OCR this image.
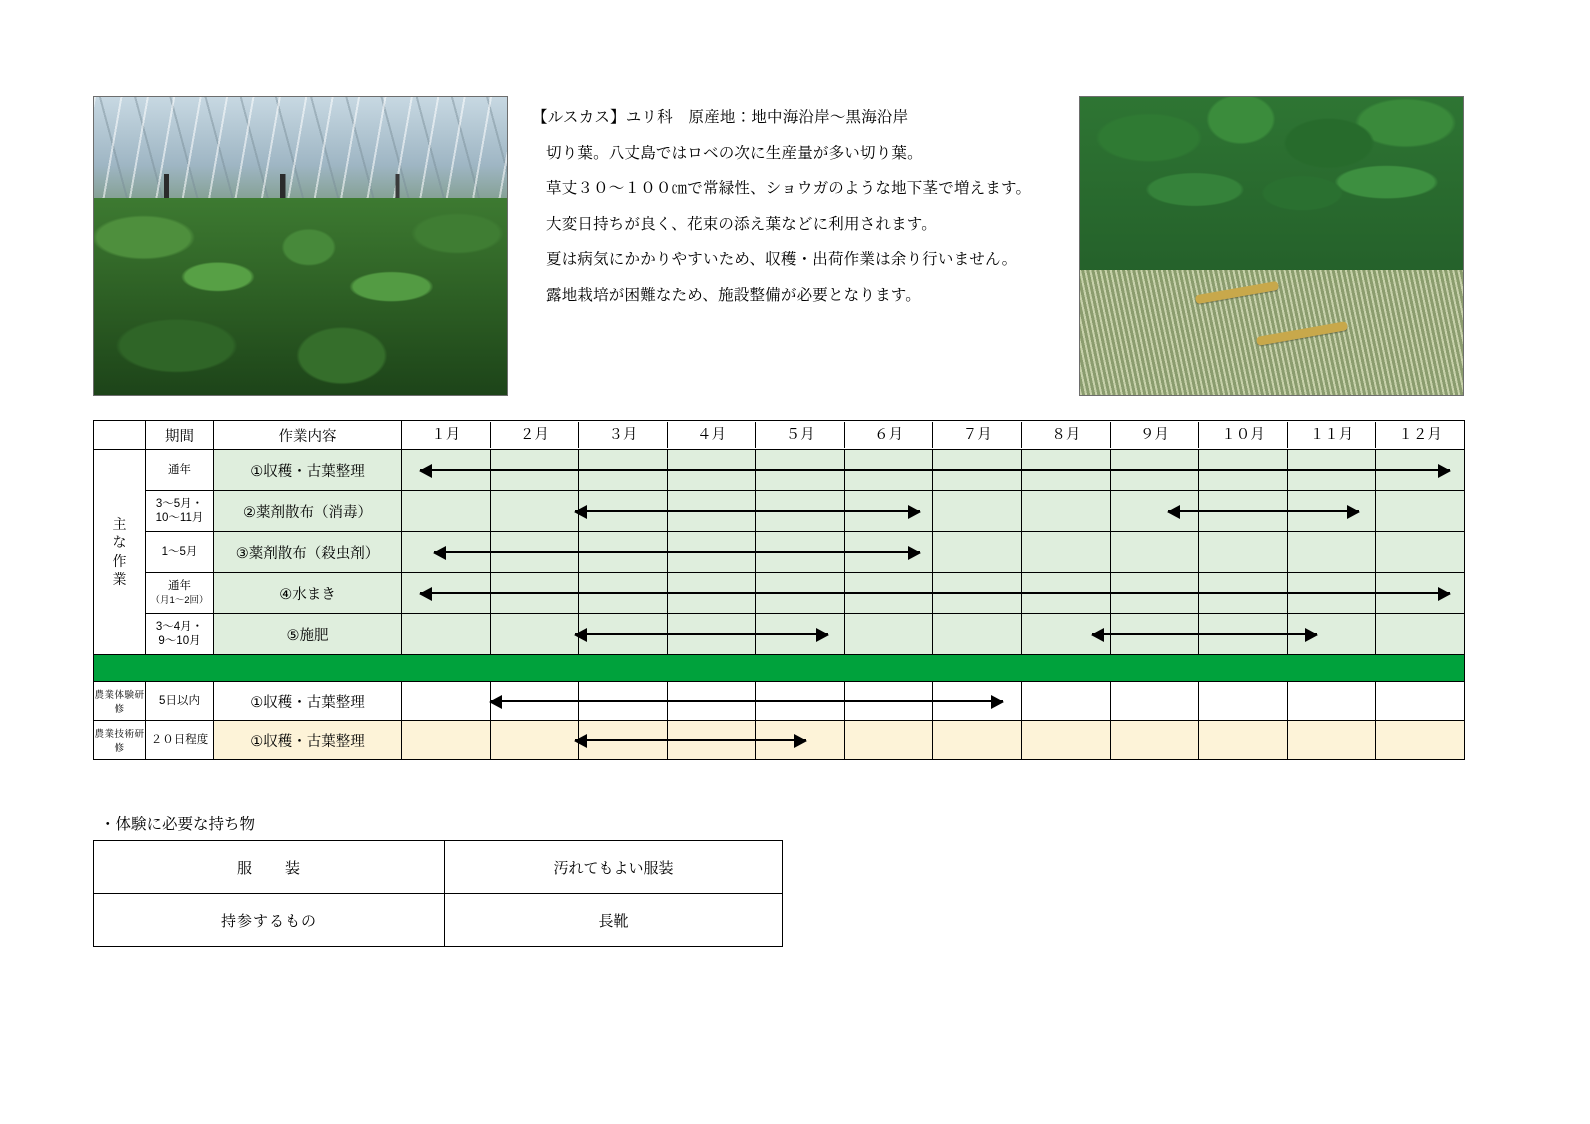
【ルスカス】ユリ科　原産地：地中海沿岸～黒海沿岸
切り葉。八丈島ではロベの次に生産量が多い切り葉。
草丈３０～１００㎝で常緑性、ショウガのような地下茎で増えます。
大変日持ちが良く、花束の添え葉などに利用されます。
夏は病気にかかりやすいため、収穫・出荷作業は余り行いません。
露地栽培が困難なため、施設整備が必要となります。
	期間	作業内容	１月	２月	３月	４月	５月	６月	７月	８月	９月	１０月	１１月	１２月

主な作業	通年	①収穫・古葉整理	

	3～5月・
10～11月	②薬剤散布（消毒）	

	1～5月	③薬剤散布（殺虫剤）	

	通年
（月1～2回）	④水まき	

	3～4月・
9～10月	⑤施肥	

農業体験研修	5日以内	①収穫・古葉整理	

農業技術研修	２０日程度	①収穫・古葉整理	
・体験に必要な持ち物
服　　装	汚れてもよい服装
持参するもの	長靴
